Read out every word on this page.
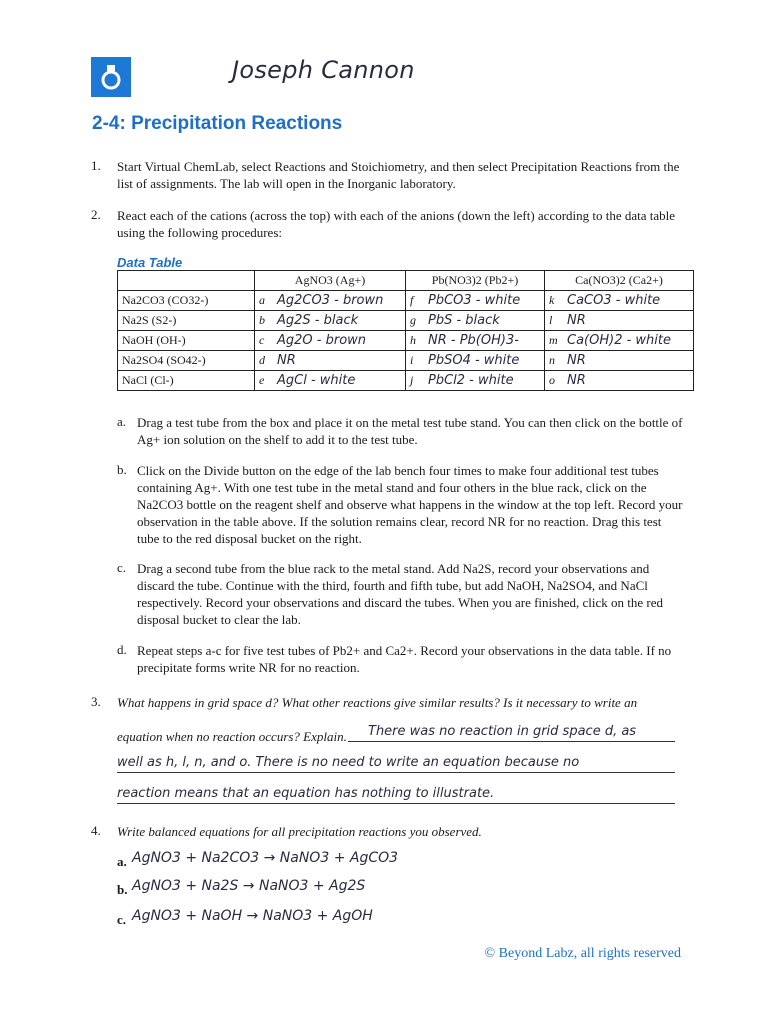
Joseph Cannon
2-4: Precipitation Reactions
1. Start Virtual ChemLab, select Reactions and Stoichiometry, and then select Precipitation Reactions from the list of assignments. The lab will open in the Inorganic laboratory.
2. React each of the cations (across the top) with each of the anions (down the left) according to the data table using the following procedures:
Data Table
	AgNO3 (Ag+)	Pb(NO3)2 (Pb2+)	Ca(NO3)2 (Ca2+)
Na2CO3 (CO32-)	a Ag2CO3 - brown	f PbCO3 - white	k CaCO3 - white
Na2S (S2-)	b Ag2S - black	g PbS - black	l NR
NaOH (OH-)	c Ag2O - brown	h NR - Pb(OH)3-	m Ca(OH)2 - white
Na2SO4 (SO42-)	d NR	i PbSO4 - white	n NR
NaCl (Cl-)	e AgCl - white	j PbCl2 - white	o NR
a. Drag a test tube from the box and place it on the metal test tube stand. You can then click on the bottle of Ag+ ion solution on the shelf to add it to the test tube.
b. Click on the Divide button on the edge of the lab bench four times to make four additional test tubes containing Ag+. With one test tube in the metal stand and four others in the blue rack, click on the Na2CO3 bottle on the reagent shelf and observe what happens in the window at the top left. Record your observation in the table above. If the solution remains clear, record NR for no reaction. Drag this test tube to the red disposal bucket on the right.
c. Drag a second tube from the blue rack to the metal stand. Add Na2S, record your observations and discard the tube. Continue with the third, fourth and fifth tube, but add NaOH, Na2SO4, and NaCl respectively. Record your observations and discard the tubes. When you are finished, click on the red disposal bucket to clear the lab.
d. Repeat steps a-c for five test tubes of Pb2+ and Ca2+. Record your observations in the data table. If no precipitate forms write NR for no reaction.
3. What happens in grid space d? What other reactions give similar results? Is it necessary to write an
equation when no reaction occurs? Explain. There was no reaction in grid space d, as
well as h, l, n, and o. There is no need to write an equation because no
reaction means that an equation has nothing to illustrate.
4. Write balanced equations for all precipitation reactions you observed.
a. AgNO3 + Na2CO3 → NaNO3 + AgCO3
b. AgNO3 + Na2S → NaNO3 + Ag2S
c. AgNO3 + NaOH → NaNO3 + AgOH
© Beyond Labz, all rights reserved
